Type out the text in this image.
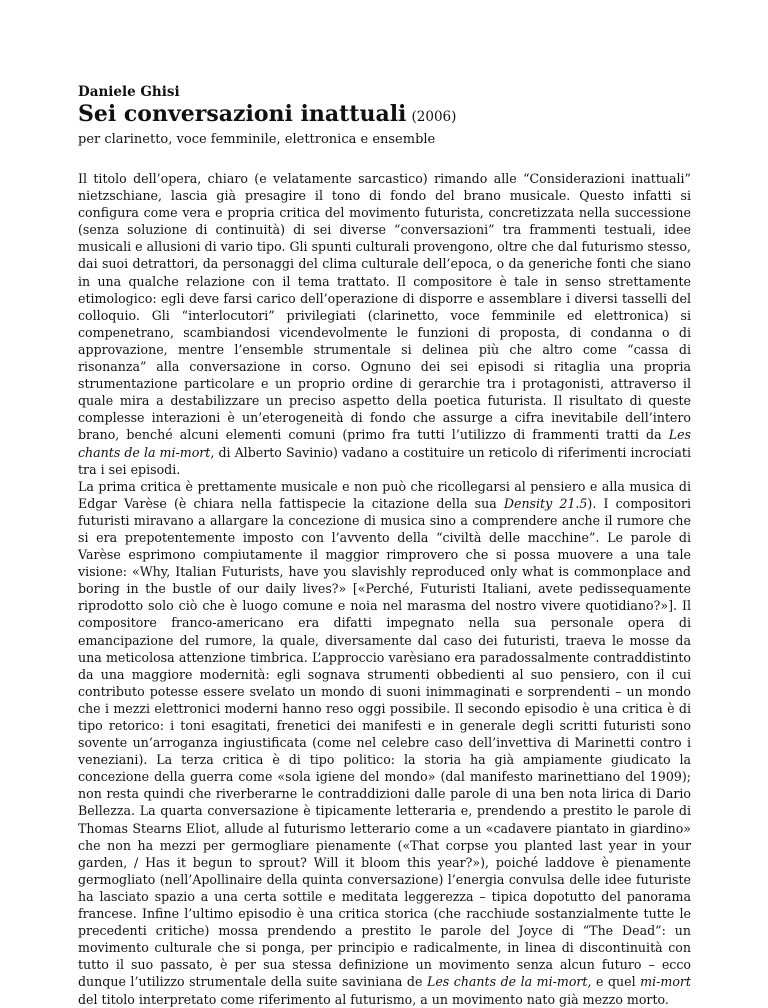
Daniele Ghisi

Sei conversazioni inattuali (2006)

per clarinetto, voce femminile, elettronica e ensemble

Il titolo dell’opera, chiaro (e velatamente sarcastico) rimando alle “Considerazioni inattuali” nietzschiane, lascia già presagire il tono di fondo del brano musicale. Questo infatti si configura come vera e propria critica del movimento futurista, concretizzata nella successione (senza soluzione di continuità) di sei diverse “conversazioni” tra frammenti testuali, idee musicali e allusioni di vario tipo. Gli spunti culturali provengono, oltre che dal futurismo stesso, dai suoi detrattori, da personaggi del clima culturale dell’epoca, o da generiche fonti che siano in una qualche relazione con il tema trattato. Il compositore è tale in senso strettamente etimologico: egli deve farsi carico dell’operazione di disporre e assemblare i diversi tasselli del colloquio. Gli “interlocutori” privilegiati (clarinetto, voce femminile ed elettronica) si compenetrano, scambiandosi vicendevolmente le funzioni di proposta, di condanna o di approvazione, mentre l’ensemble strumentale si delinea più che altro come “cassa di risonanza” alla conversazione in corso. Ognuno dei sei episodi si ritaglia una propria strumentazione particolare e un proprio ordine di gerarchie tra i protagonisti, attraverso il quale mira a destabilizzare un preciso aspetto della poetica futurista. Il risultato di queste complesse interazioni è un’eterogeneità di fondo che assurge a cifra inevitabile dell’intero brano, benché alcuni elementi comuni (primo fra tutti l’utilizzo di frammenti tratti da Les chants de la mi-mort, di Alberto Savinio) vadano a costituire un reticolo di riferimenti incrociati tra i sei episodi.

La prima critica è prettamente musicale e non può che ricollegarsi al pensiero e alla musica di Edgar Varèse (è chiara nella fattispecie la citazione della sua Density 21.5). I compositori futuristi miravano a allargare la concezione di musica sino a comprendere anche il rumore che si era prepotentemente imposto con l’avvento della “civiltà delle macchine”. Le parole di Varèse esprimono compiutamente il maggior rimprovero che si possa muovere a una tale visione: «Why, Italian Futurists, have you slavishly reproduced only what is commonplace and boring in the bustle of our daily lives?» [«Perché, Futuristi Italiani, avete pedissequamente riprodotto solo ciò che è luogo comune e noia nel marasma del nostro vivere quotidiano?»]. Il compositore franco-americano era difatti impegnato nella sua personale opera di emancipazione del rumore, la quale, diversamente dal caso dei futuristi, traeva le mosse da una meticolosa attenzione timbrica. L’approccio varèsiano era paradossalmente contraddistinto da una maggiore modernità: egli sognava strumenti obbedienti al suo pensiero, con il cui contributo potesse essere svelato un mondo di suoni inimmaginati e sorprendenti – un mondo che i mezzi elettronici moderni hanno reso oggi possibile. Il secondo episodio è una critica è di tipo retorico: i toni esagitati, frenetici dei manifesti e in generale degli scritti futuristi sono sovente un’arroganza ingiustificata (come nel celebre caso dell’invettiva di Marinetti contro i veneziani). La terza critica è di tipo politico: la storia ha già ampiamente giudicato la concezione della guerra come «sola igiene del mondo» (dal manifesto marinettiano del 1909); non resta quindi che riverberarne le contraddizioni dalle parole di una ben nota lirica di Dario Bellezza. La quarta conversazione è tipicamente letteraria e, prendendo a prestito le parole di Thomas Stearns Eliot, allude al futurismo letterario come a un «cadavere piantato in giardino» che non ha mezzi per germogliare pienamente («That corpse you planted last year in your garden, / Has it begun to sprout? Will it bloom this year?»), poiché laddove è pienamente germogliato (nell’Apollinaire della quinta conversazione) l’energia convulsa delle idee futuriste ha lasciato spazio a una certa sottile e meditata leggerezza – tipica dopotutto del panorama francese. Infine l’ultimo episodio è una critica storica (che racchiude sostanzialmente tutte le precedenti critiche) mossa prendendo a prestito le parole del Joyce di “The Dead”: un movimento culturale che si ponga, per principio e radicalmente, in linea di discontinuità con tutto il suo passato, è per sua stessa definizione un movimento senza alcun futuro – ecco dunque l’utilizzo strumentale della suite saviniana de Les chants de la mi-mort, e quel mi-mort del titolo interpretato come riferimento al futurismo, a un movimento nato già mezzo morto.
